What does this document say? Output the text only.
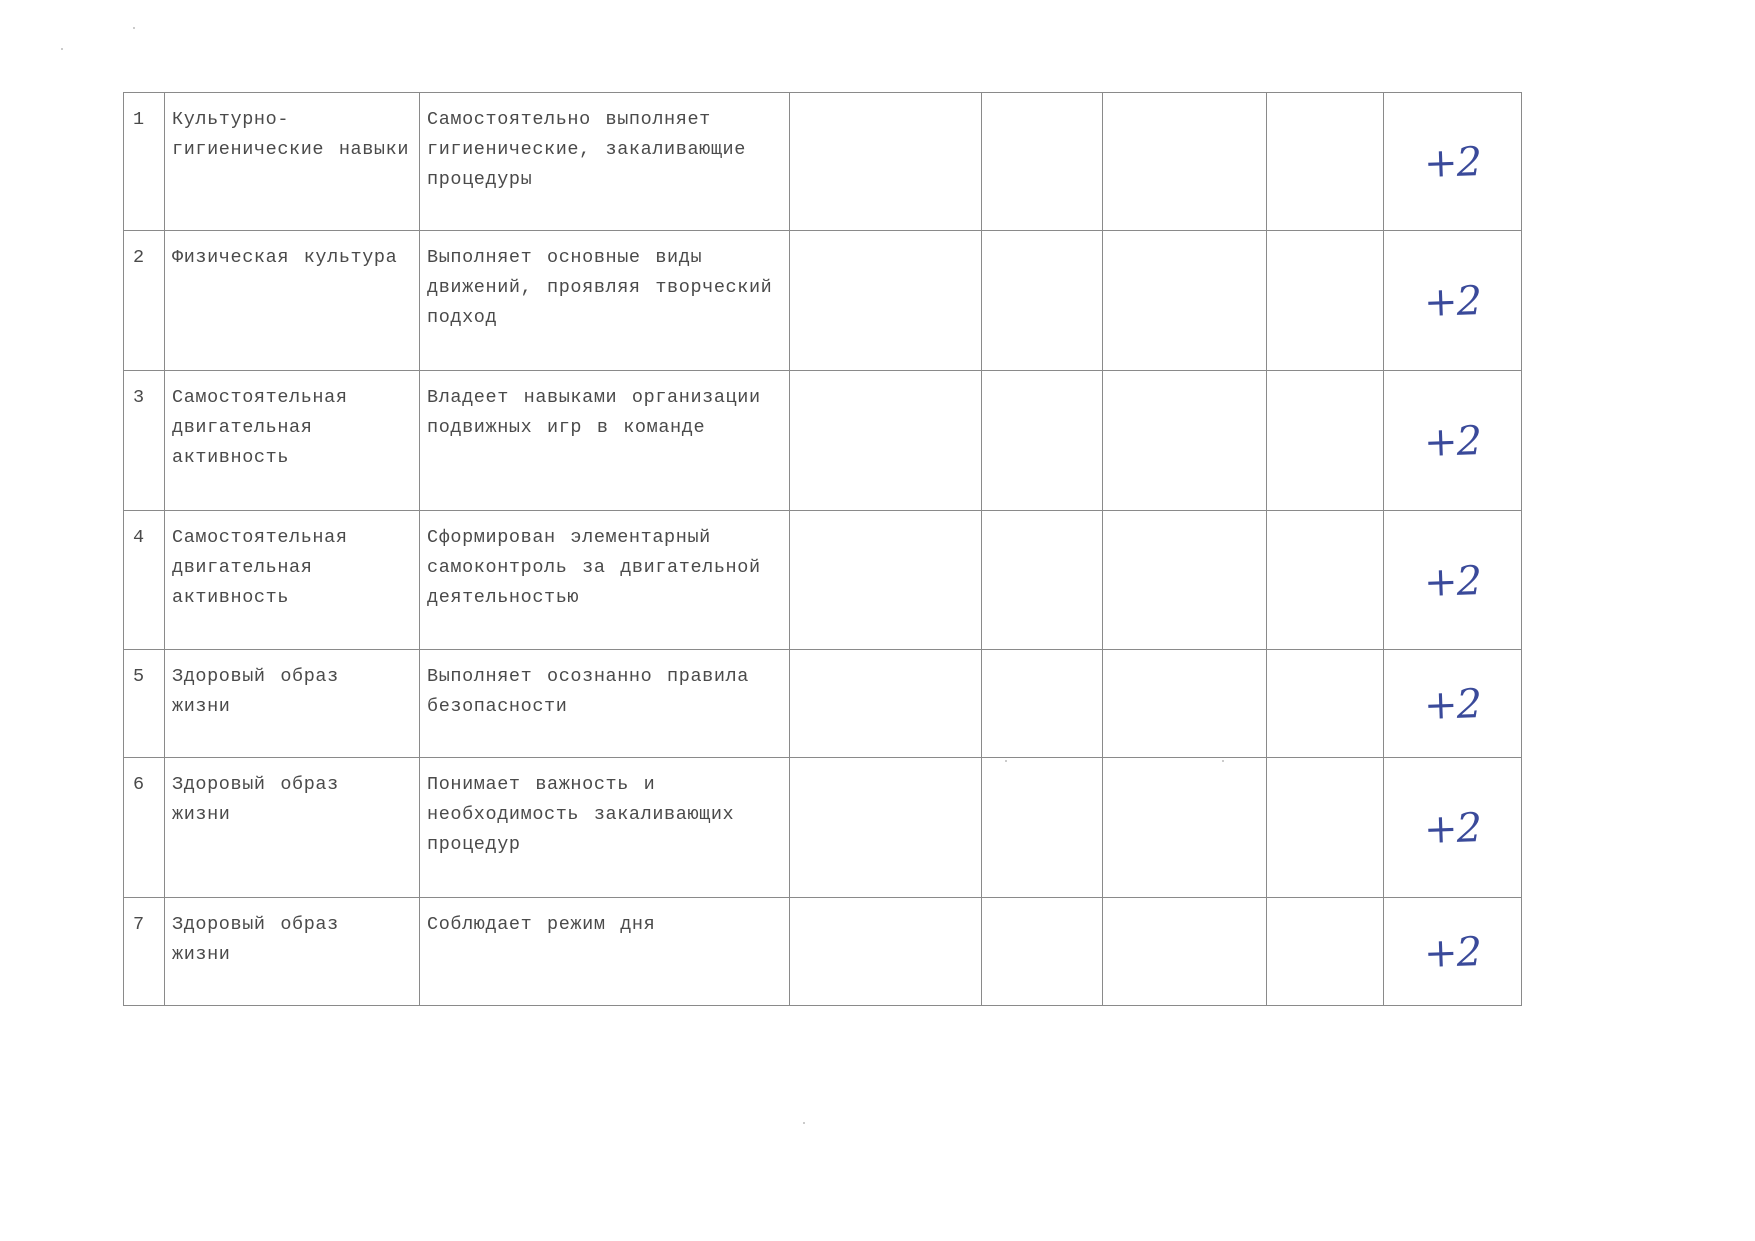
1	Культурно-гигиенические навыки	Самостоятельно выполняет гигиенические, закаливающие процедуры					+2
2	Физическая культура	Выполняет основные виды движений, проявляя творческий подход					+2
3	Самостоятельная двигательная активность	Владеет навыками организации подвижных игр в команде					+2
4	Самостоятельная двигательная активность	Сформирован элементарный самоконтроль за двигательной деятельностью					+2
5	Здоровый образ жизни	Выполняет осознанно правила безопасности					+2
6	Здоровый образ жизни	Понимает важность и необходимость закаливающих процедур					+2
7	Здоровый образ жизни	Соблюдает режим дня					+2
